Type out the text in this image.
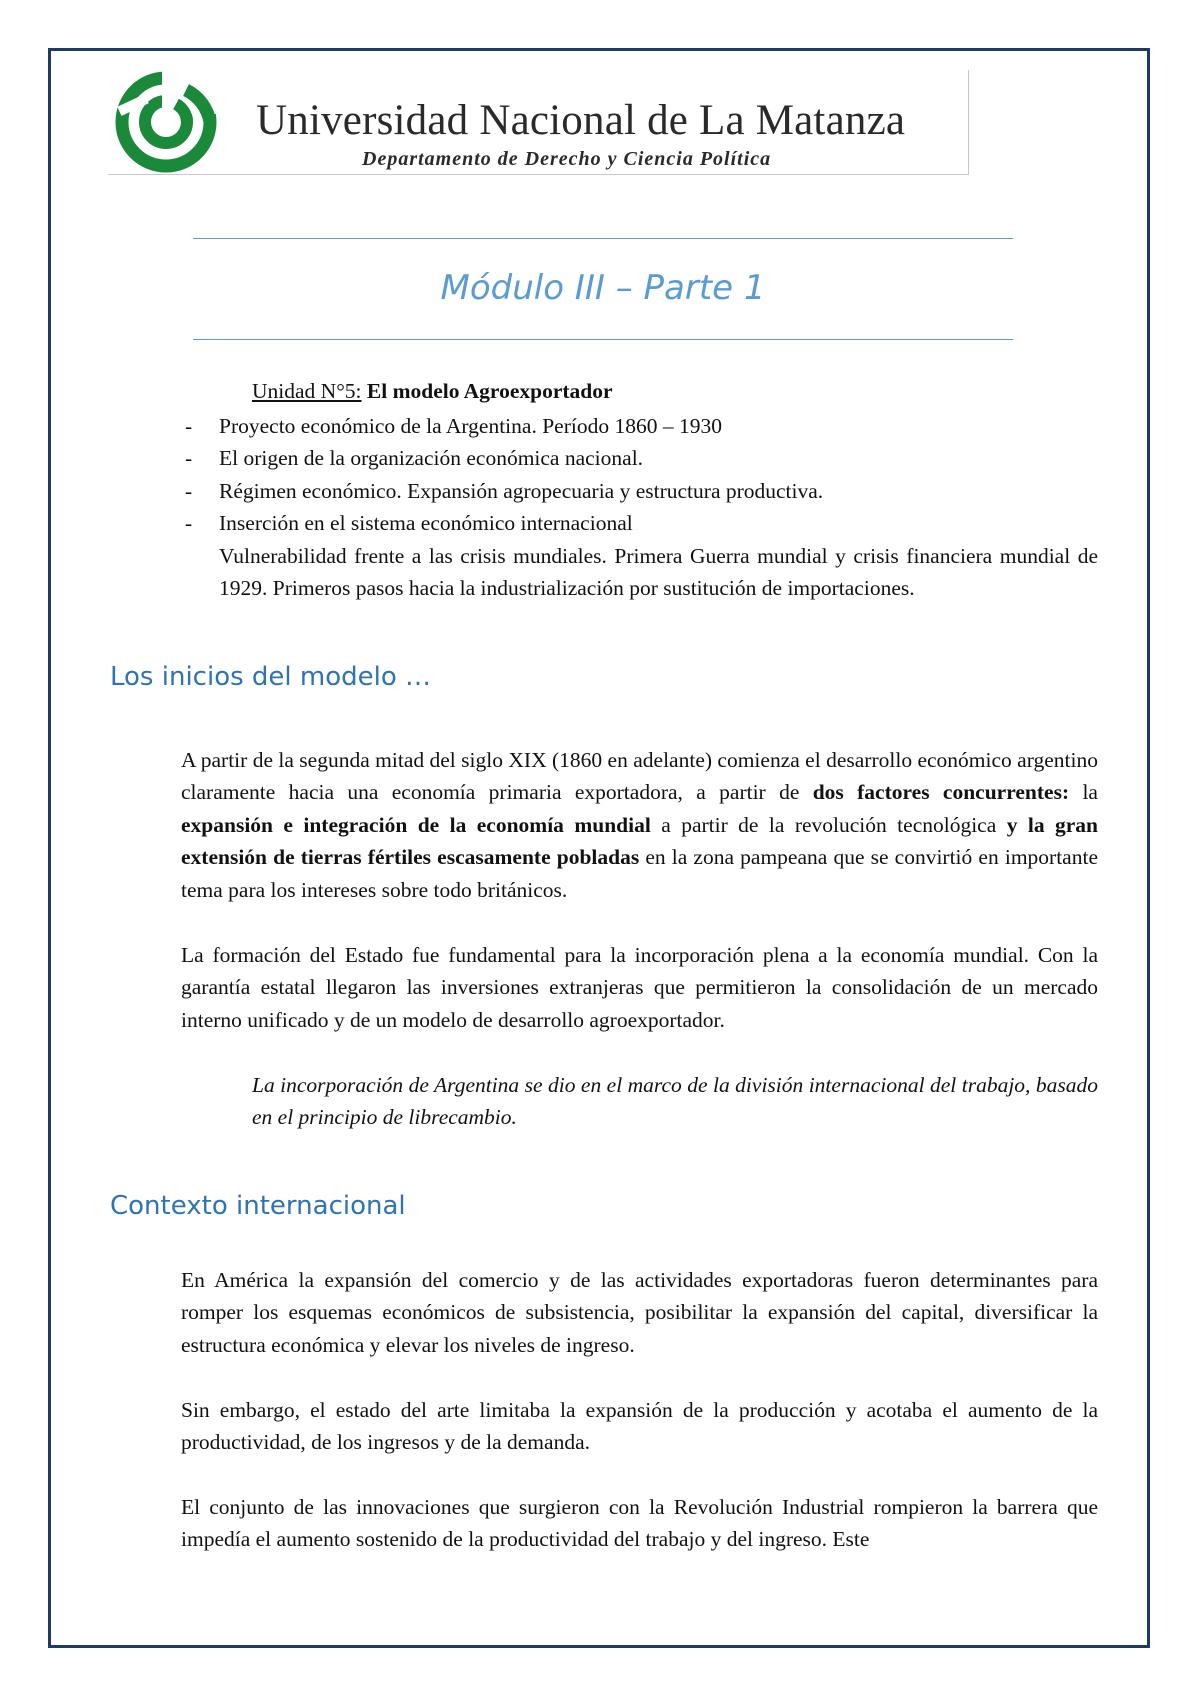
Universidad Nacional de La Matanza
Departamento de Derecho y Ciencia Política
Módulo III – Parte 1
Unidad N°5: El modelo Agroexportador
- Proyecto económico de la Argentina. Período 1860 – 1930
- El origen de la organización económica nacional.
- Régimen económico. Expansión agropecuaria y estructura productiva.
- Inserción en el sistema económico internacional
Vulnerabilidad frente a las crisis mundiales. Primera Guerra mundial y crisis financiera mundial de 1929. Primeros pasos hacia la industrialización por sustitución de importaciones.
Los inicios del modelo …

A partir de la segunda mitad del siglo XIX (1860 en adelante) comienza el desarrollo económico argentino claramente hacia una economía primaria exportadora, a partir de dos factores concurrentes: la expansión e integración de la economía mundial a partir de la revolución tecnológica y la gran extensión de tierras fértiles escasamente pobladas en la zona pampeana que se convirtió en importante tema para los intereses sobre todo británicos.

La formación del Estado fue fundamental para la incorporación plena a la economía mundial. Con la garantía estatal llegaron las inversiones extranjeras que permitieron la consolidación de un mercado interno unificado y de un modelo de desarrollo agroexportador.

La incorporación de Argentina se dio en el marco de la división internacional del trabajo, basado en el principio de librecambio.

Contexto internacional

En América la expansión del comercio y de las actividades exportadoras fueron determinantes para romper los esquemas económicos de subsistencia, posibilitar la expansión del capital, diversificar la estructura económica y elevar los niveles de ingreso.

Sin embargo, el estado del arte limitaba la expansión de la producción y acotaba el aumento de la productividad, de los ingresos y de la demanda.

El conjunto de las innovaciones que surgieron con la Revolución Industrial rompieron la barrera que impedía el aumento sostenido de la productividad del trabajo y del ingreso. Este
